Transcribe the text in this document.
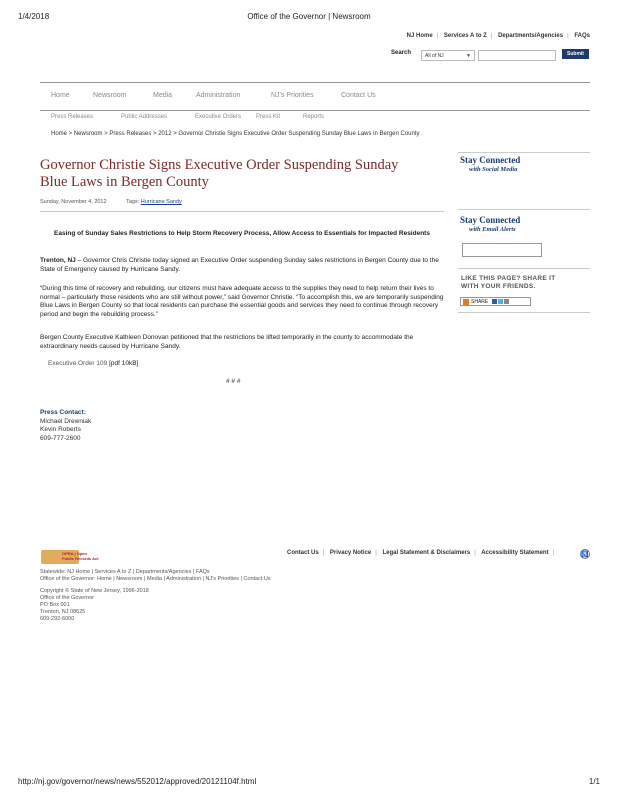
1/4/2018	Office of the Governor | Newsroom
NJ Home | Services A to Z | Departments/Agencies | FAQs
Search	All of NJ	▼	Submit
Home	Newsroom	Media	Administration	NJ's Priorities	Contact Us
Press Releases	Public Addresses	Executive Orders Press Kit	Reports
Home > Newsroom > Press Releases > 2012 > Governor Christie Signs Executive Order Suspending Sunday Blue Laws in Bergen County
Governor Christie Signs Executive Order Suspending Sunday Blue Laws in Bergen County
Sunday, November 4, 2012	Tags: Hurricane Sandy
Easing of Sunday Sales Restrictions to Help Storm Recovery Process, Allow Access to Essentials for Impacted Residents
Trenton, NJ – Governor Chris Christie today signed an Executive Order suspending Sunday sales restrictions in Bergen County due to the State of Emergency caused by Hurricane Sandy.
“During this time of recovery and rebuilding, our citizens must have adequate access to the supplies they need to help return their lives to normal – particularly those residents who are still without power,” said Governor Christie. “To accomplish this, we are temporarily suspending Blue Laws in Bergen County so that local residents can purchase the essential goods and services they need to continue through recovery period and begin the rebuilding process.”
Bergen County Executive Kathleen Donovan petitioned that the restrictions be lifted temporarily in the county to accommodate the extraordinary needs caused by Hurricane Sandy.
Executive Order 109 [pdf 10kB]
# # #
Press Contact:
Michael Drewniak
Kevin Roberts
609-777-2600
Stay Connected
with Social Media
Stay Connected
with Email Alerts
LIKE THIS PAGE? SHARE IT
WITH YOUR FRIENDS.
SHARE
OPRA | Open
Public Records Act
Contact Us | Privacy Notice | Legal Statement & Disclaimers | Accessibility Statement |	♿
Statewide: NJ Home | Services A to Z | Departments/Agencies | FAQs
Office of the Governor: Home | Newsroom | Media | Administration | NJ's Priorities | Contact Us
Copyright © State of New Jersey, 1996-2018
Office of the Governor
PO Box 001
Trenton, NJ 08625
609-292-6000
http://nj.gov/governor/news/news/552012/approved/20121104f.html	1/1
